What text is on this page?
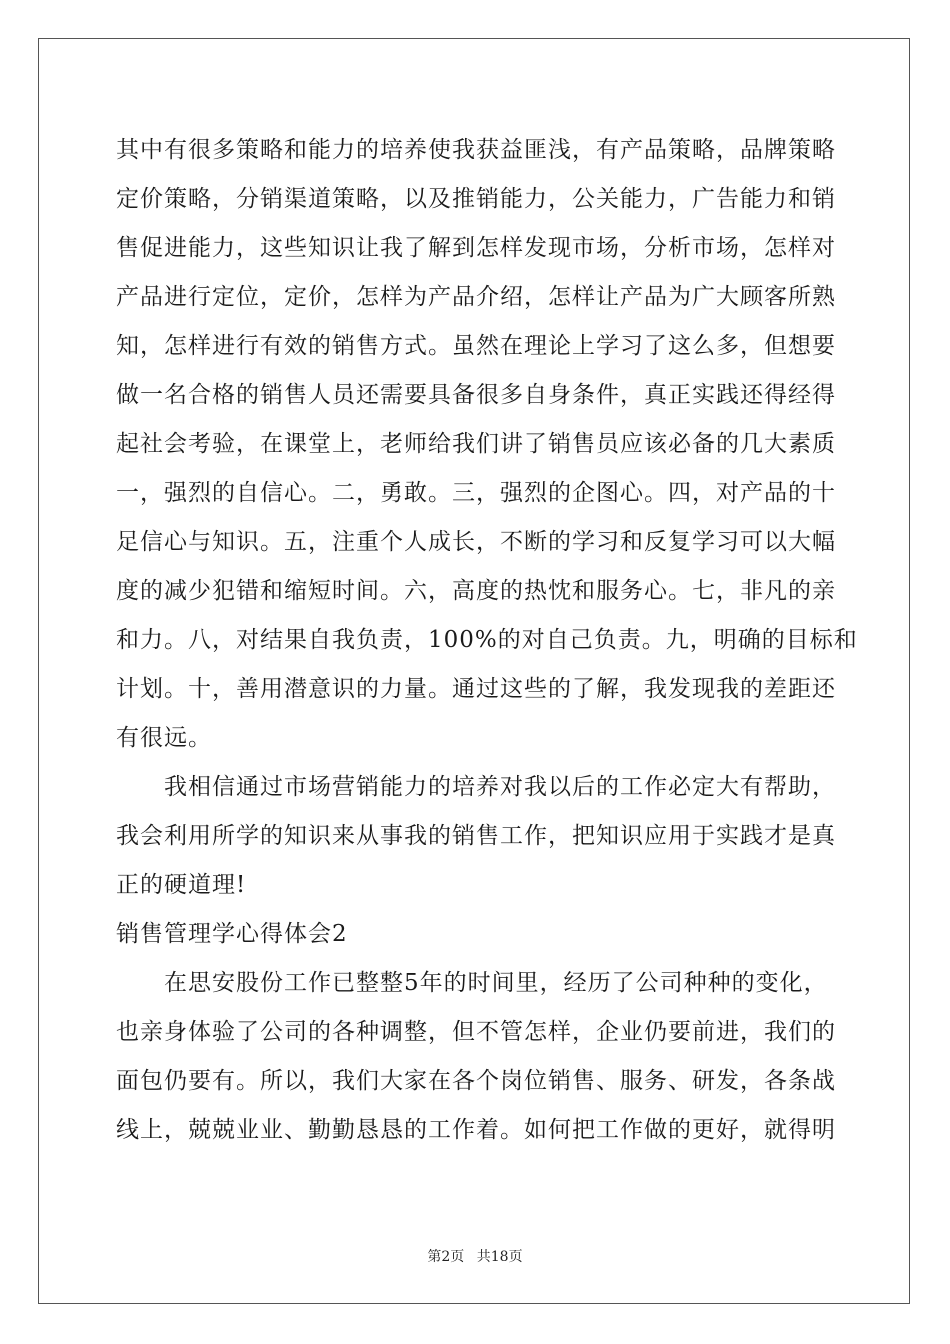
其中有很多策略和能力的培养使我获益匪浅，有产品策略，品牌策略
定价策略，分销渠道策略，以及推销能力，公关能力，广告能力和销
售促进能力，这些知识让我了解到怎样发现市场，分析市场，怎样对
产品进行定位，定价，怎样为产品介绍，怎样让产品为广大顾客所熟
知，怎样进行有效的销售方式。虽然在理论上学习了这么多，但想要
做一名合格的销售人员还需要具备很多自身条件，真正实践还得经得
起社会考验，在课堂上，老师给我们讲了销售员应该必备的几大素质
一，强烈的自信心。二，勇敢。三，强烈的企图心。四，对产品的十
足信心与知识。五，注重个人成长，不断的学习和反复学习可以大幅
度的减少犯错和缩短时间。六，高度的热忱和服务心。七，非凡的亲
和力。八，对结果自我负责，100%的对自己负责。九，明确的目标和
计划。十，善用潜意识的力量。通过这些的了解，我发现我的差距还
有很远。
　　我相信通过市场营销能力的培养对我以后的工作必定大有帮助，
我会利用所学的知识来从事我的销售工作，把知识应用于实践才是真
正的硬道理!
销售管理学心得体会2
　　在思安股份工作已整整5年的时间里，经历了公司种种的变化，
也亲身体验了公司的各种调整，但不管怎样，企业仍要前进，我们的
面包仍要有。所以，我们大家在各个岗位销售、服务、研发，各条战
线上，兢兢业业、勤勤恳恳的工作着。如何把工作做的更好，就得明
第2页 共18页
